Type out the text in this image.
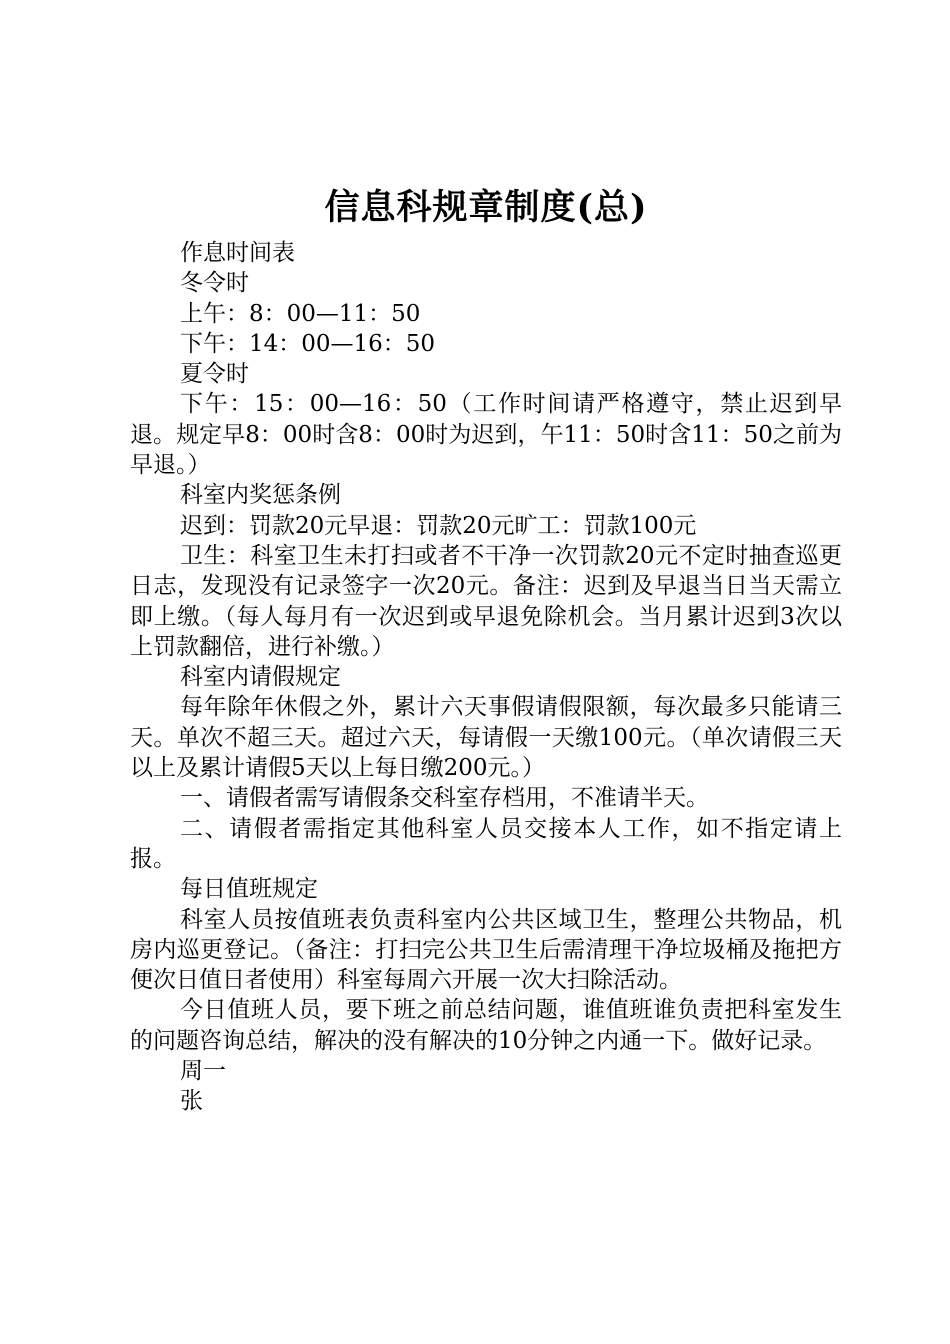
信息科规章制度(总)

作息时间表

冬令时

上午：8：00—11：50

下午：14：00—16：50

夏令时

下午：15：00—16：50（工作时间请严格遵守，禁止迟到早退。规定早8：00时含8：00时为迟到，午11：50时含11：50之前为早退。）

科室内奖惩条例

迟到：罚款20元早退：罚款20元旷工：罚款100元

卫生：科室卫生未打扫或者不干净一次罚款20元不定时抽查巡更日志，发现没有记录签字一次20元。备注：迟到及早退当日当天需立即上缴。（每人每月有一次迟到或早退免除机会。当月累计迟到3次以上罚款翻倍，进行补缴。）

科室内请假规定

每年除年休假之外，累计六天事假请假限额，每次最多只能请三天。单次不超三天。超过六天，每请假一天缴100元。（单次请假三天以上及累计请假5天以上每日缴200元。）

一、请假者需写请假条交科室存档用，不准请半天。

二、请假者需指定其他科室人员交接本人工作，如不指定请上报。

每日值班规定

科室人员按值班表负责科室内公共区域卫生，整理公共物品，机房内巡更登记。（备注：打扫完公共卫生后需清理干净垃圾桶及拖把方便次日值日者使用）科室每周六开展一次大扫除活动。

今日值班人员，要下班之前总结问题，谁值班谁负责把科室发生的问题咨询总结，解决的没有解决的10分钟之内通一下。做好记录。

周一

张
